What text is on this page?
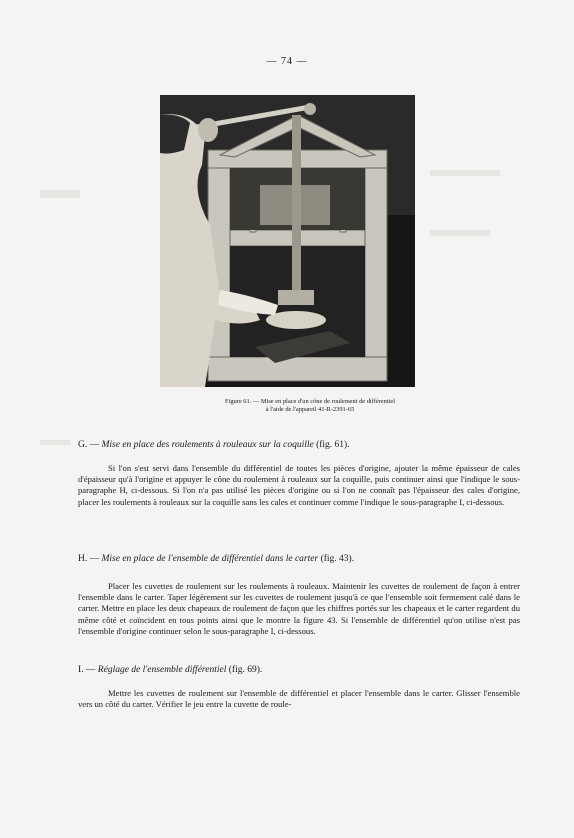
— 74 —
Figure 61. — Mise en place d'un cône de roulement de différentiel
à l'aide de l'appareil 41-R-2391-65
G. — Mise en place des roulements à rouleaux sur la coquille (fig. 61).
Si l'on s'est servi dans l'ensemble du différentiel de toutes les pièces d'origine, ajouter la même épaisseur de cales d'épaisseur qu'à l'origine et appuyer le cône du roulement à rouleaux sur la coquille, puis continuer ainsi que l'indique le sous-paragraphe H, ci-dessous. Si l'on n'a pas utilisé les pièces d'origine ou si l'on ne connaît pas l'épaisseur des cales d'origine, placer les roulements à rouleaux sur la coquille sans les cales et continuer comme l'indique le sous-paragraphe I, ci-dessous.
H. — Mise en place de l'ensemble de différentiel dans le carter (fig. 43).
Placer les cuvettes de roulement sur les roulements à rouleaux. Maintenir les cuvettes de roulement de façon à entrer l'ensemble dans le carter. Taper légèrement sur les cuvettes de roulement jusqu'à ce que l'ensemble soit fermement calé dans le carter. Mettre en place les deux chapeaux de roulement de façon que les chiffres portés sur les chapeaux et le carter regardent du même côté et coïncident en tous points ainsi que le montre la figure 43. Si l'ensemble de différentiel qu'on utilise n'est pas l'ensemble d'origine continuer selon le sous-paragraphe I, ci-dessous.
I. — Réglage de l'ensemble différentiel (fig. 69).
Mettre les cuvettes de roulement sur l'ensemble de différentiel et placer l'ensemble dans le carter. Glisser l'ensemble vers un côté du carter. Vérifier le jeu entre la cuvette de roule-
